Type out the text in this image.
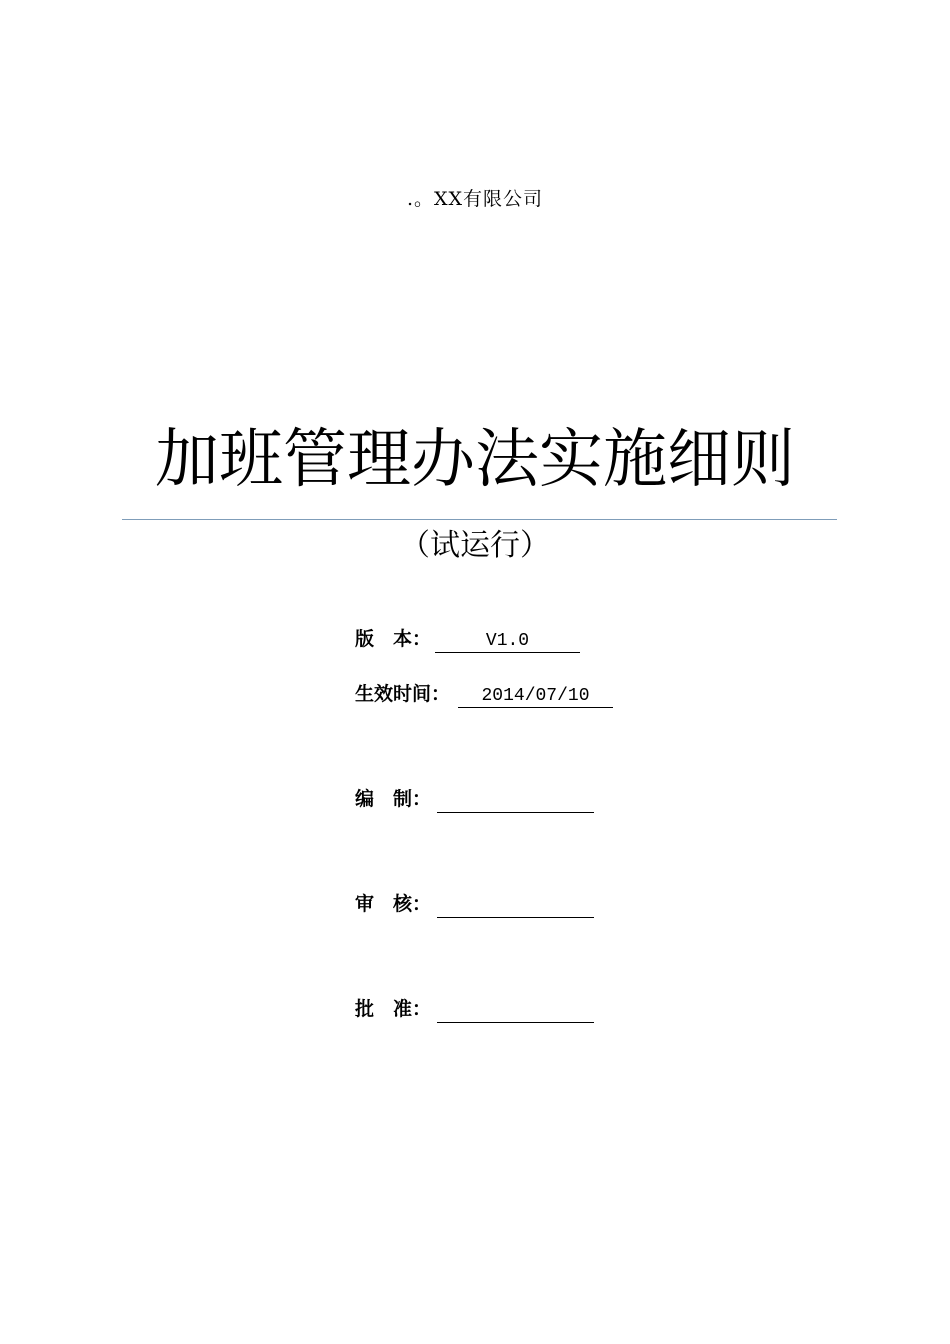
.。XX有限公司
加班管理办法实施细则
（试运行）
版　本：	V1.0
生效时间： 2014/07/10
编　制：
审　核：
批　准：
